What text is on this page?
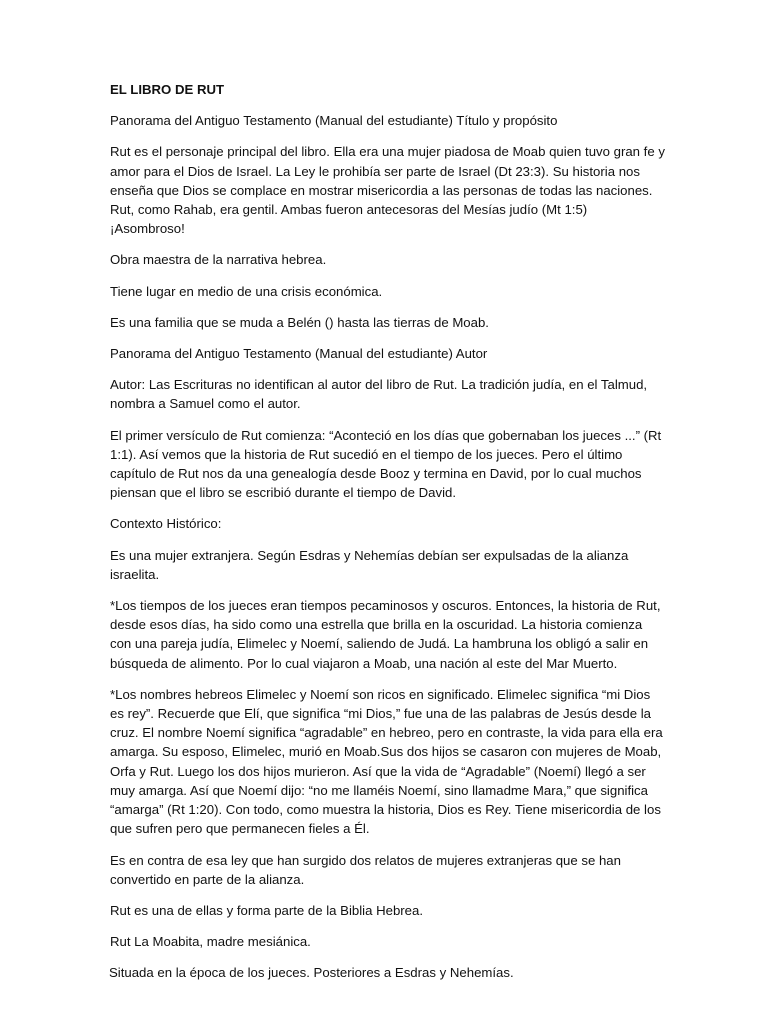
EL LIBRO DE RUT

Panorama del Antiguo Testamento (Manual del estudiante) Título y propósito

Rut es el personaje principal del libro. Ella era una mujer piadosa de Moab quien tuvo gran fe y amor para el Dios de Israel. La Ley le prohibía ser parte de Israel (Dt 23:3). Su historia nos enseña que Dios se complace en mostrar misericordia a las personas de todas las naciones. Rut, como Rahab, era gentil. Ambas fueron antecesoras del Mesías judío (Mt 1:5) ¡Asombroso!

Obra maestra de la narrativa hebrea.

Tiene lugar en medio de una crisis económica.

Es una familia que se muda a Belén () hasta las tierras de Moab.

Panorama del Antiguo Testamento (Manual del estudiante) Autor

Autor: Las Escrituras no identifican al autor del libro de Rut. La tradición judía, en el Talmud, nombra a Samuel como el autor.

El primer versículo de Rut comienza: “Aconteció en los días que gobernaban los jueces ...” (Rt 1:1). Así vemos que la historia de Rut sucedió en el tiempo de los jueces. Pero el último capítulo de Rut nos da una genealogía desde Booz y termina en David, por lo cual muchos piensan que el libro se escribió durante el tiempo de David.

Contexto Histórico:

Es una mujer extranjera. Según Esdras y Nehemías debían ser expulsadas de la alianza israelita.

*Los tiempos de los jueces eran tiempos pecaminosos y oscuros. Entonces, la historia de Rut, desde esos días, ha sido como una estrella que brilla en la oscuridad. La historia comienza con una pareja judía, Elimelec y Noemí, saliendo de Judá. La hambruna los obligó a salir en búsqueda de alimento. Por lo cual viajaron a Moab, una nación al este del Mar Muerto.

*Los nombres hebreos Elimelec y Noemí son ricos en significado. Elimelec significa “mi Dios es rey”. Recuerde que Elí, que significa “mi Dios,” fue una de las palabras de Jesús desde la cruz. El nombre Noemí significa “agradable” en hebreo, pero en contraste, la vida para ella era amarga. Su esposo, Elimelec, murió en Moab.Sus dos hijos se casaron con mujeres de Moab, Orfa y Rut. Luego los dos hijos murieron. Así que la vida de “Agradable” (Noemí) llegó a ser muy amarga. Así que Noemí dijo: “no me llaméis Noemí, sino llamadme Mara,” que significa “amarga” (Rt 1:20). Con todo, como muestra la historia, Dios es Rey. Tiene misericordia de los que sufren pero que permanecen fieles a Él.

Es en contra de esa ley que han surgido dos relatos de mujeres extranjeras que se han convertido en parte de la alianza.

Rut es una de ellas y forma parte de la Biblia Hebrea.

Rut La Moabita, madre mesiánica.

Situada en la época de los jueces. Posteriores a Esdras y Nehemías.
